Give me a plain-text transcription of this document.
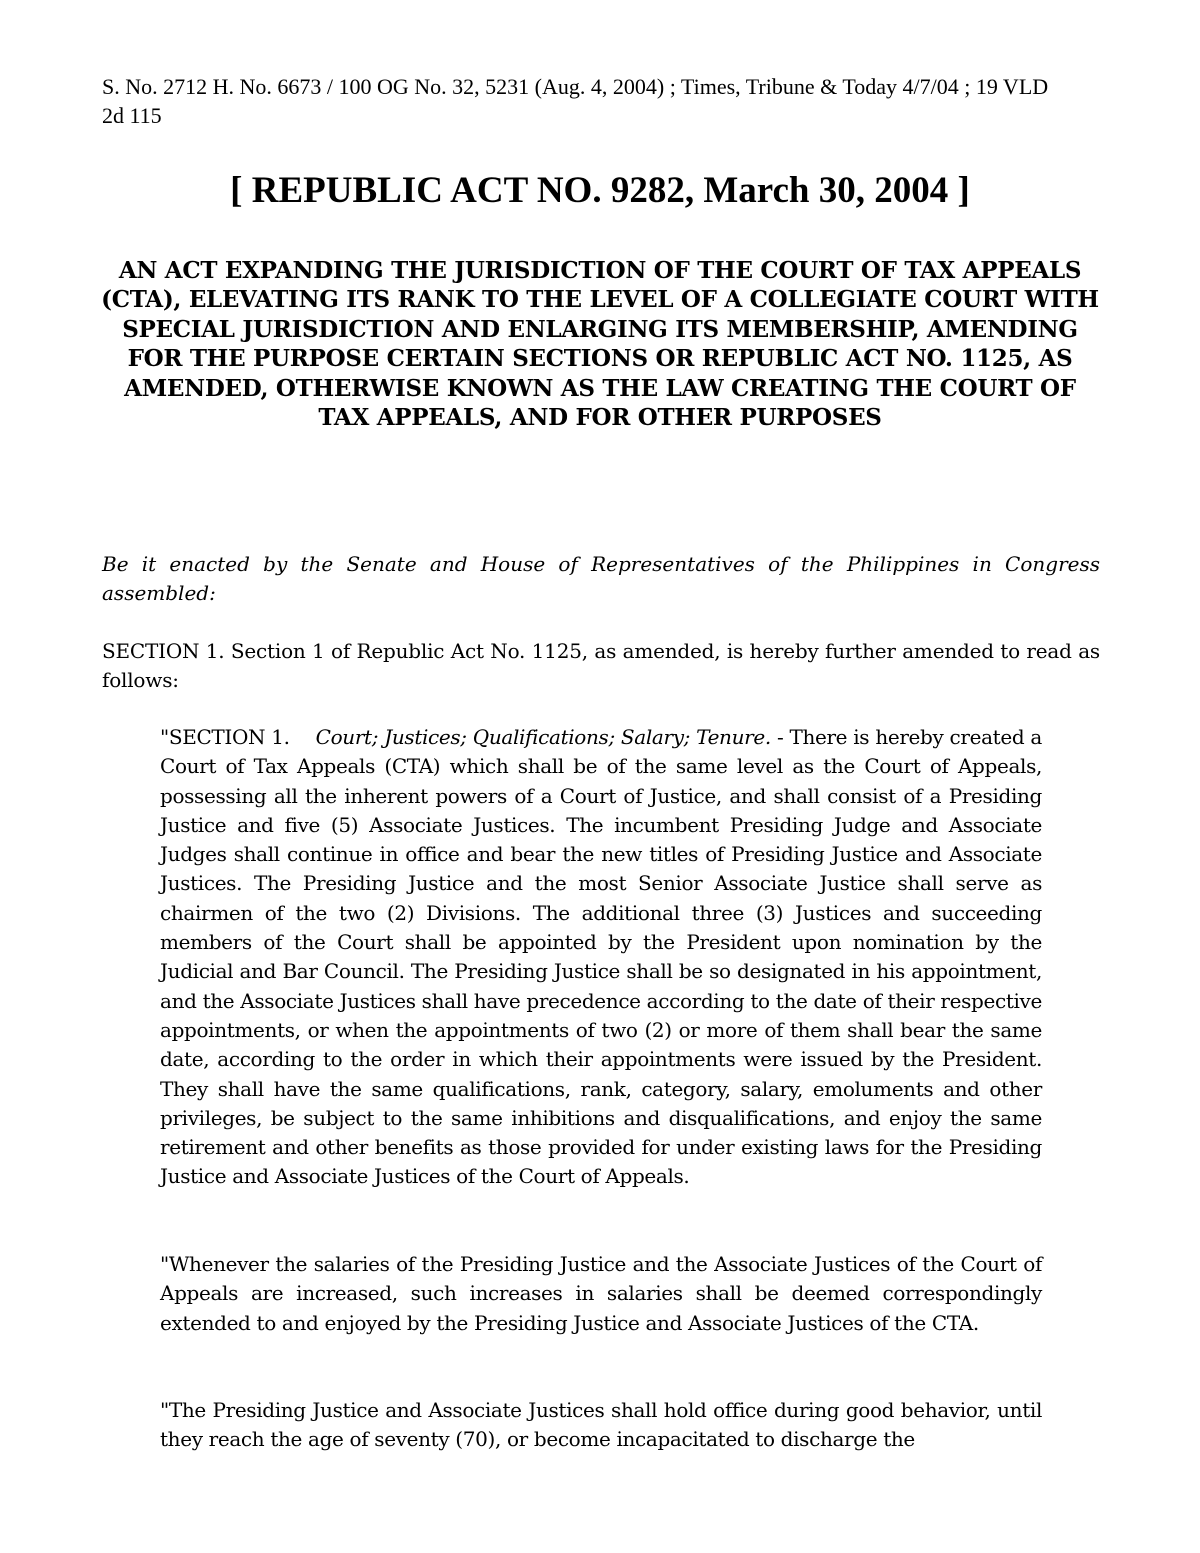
S. No. 2712 H. No. 6673 / 100 OG No. 32, 5231 (Aug. 4, 2004) ; Times, Tribune & Today 4/7/04 ; 19 VLD 2d 115
[ REPUBLIC ACT NO. 9282, March 30, 2004 ]
AN ACT EXPANDING THE JURISDICTION OF THE COURT OF TAX APPEALS (CTA), ELEVATING ITS RANK TO THE LEVEL OF A COLLEGIATE COURT WITH SPECIAL JURISDICTION AND ENLARGING ITS MEMBERSHIP, AMENDING FOR THE PURPOSE CERTAIN SECTIONS OR REPUBLIC ACT NO. 1125, AS AMENDED, OTHERWISE KNOWN AS THE LAW CREATING THE COURT OF TAX APPEALS, AND FOR OTHER PURPOSES
Be it enacted by the Senate and House of Representatives of the Philippines in Congress assembled:
SECTION 1. Section 1 of Republic Act No. 1125, as amended, is hereby further amended to read as follows:
"SECTION 1. Court; Justices; Qualifications; Salary; Tenure. - There is hereby created a Court of Tax Appeals (CTA) which shall be of the same level as the Court of Appeals, possessing all the inherent powers of a Court of Justice, and shall consist of a Presiding Justice and five (5) Associate Justices. The incumbent Presiding Judge and Associate Judges shall continue in office and bear the new titles of Presiding Justice and Associate Justices. The Presiding Justice and the most Senior Associate Justice shall serve as chairmen of the two (2) Divisions. The additional three (3) Justices and succeeding members of the Court shall be appointed by the President upon nomination by the Judicial and Bar Council. The Presiding Justice shall be so designated in his appointment, and the Associate Justices shall have precedence according to the date of their respective appointments, or when the appointments of two (2) or more of them shall bear the same date, according to the order in which their appointments were issued by the President. They shall have the same qualifications, rank, category, salary, emoluments and other privileges, be subject to the same inhibitions and disqualifications, and enjoy the same retirement and other benefits as those provided for under existing laws for the Presiding Justice and Associate Justices of the Court of Appeals.
"Whenever the salaries of the Presiding Justice and the Associate Justices of the Court of Appeals are increased, such increases in salaries shall be deemed correspondingly extended to and enjoyed by the Presiding Justice and Associate Justices of the CTA.
"The Presiding Justice and Associate Justices shall hold office during good behavior, until they reach the age of seventy (70), or become incapacitated to discharge the
